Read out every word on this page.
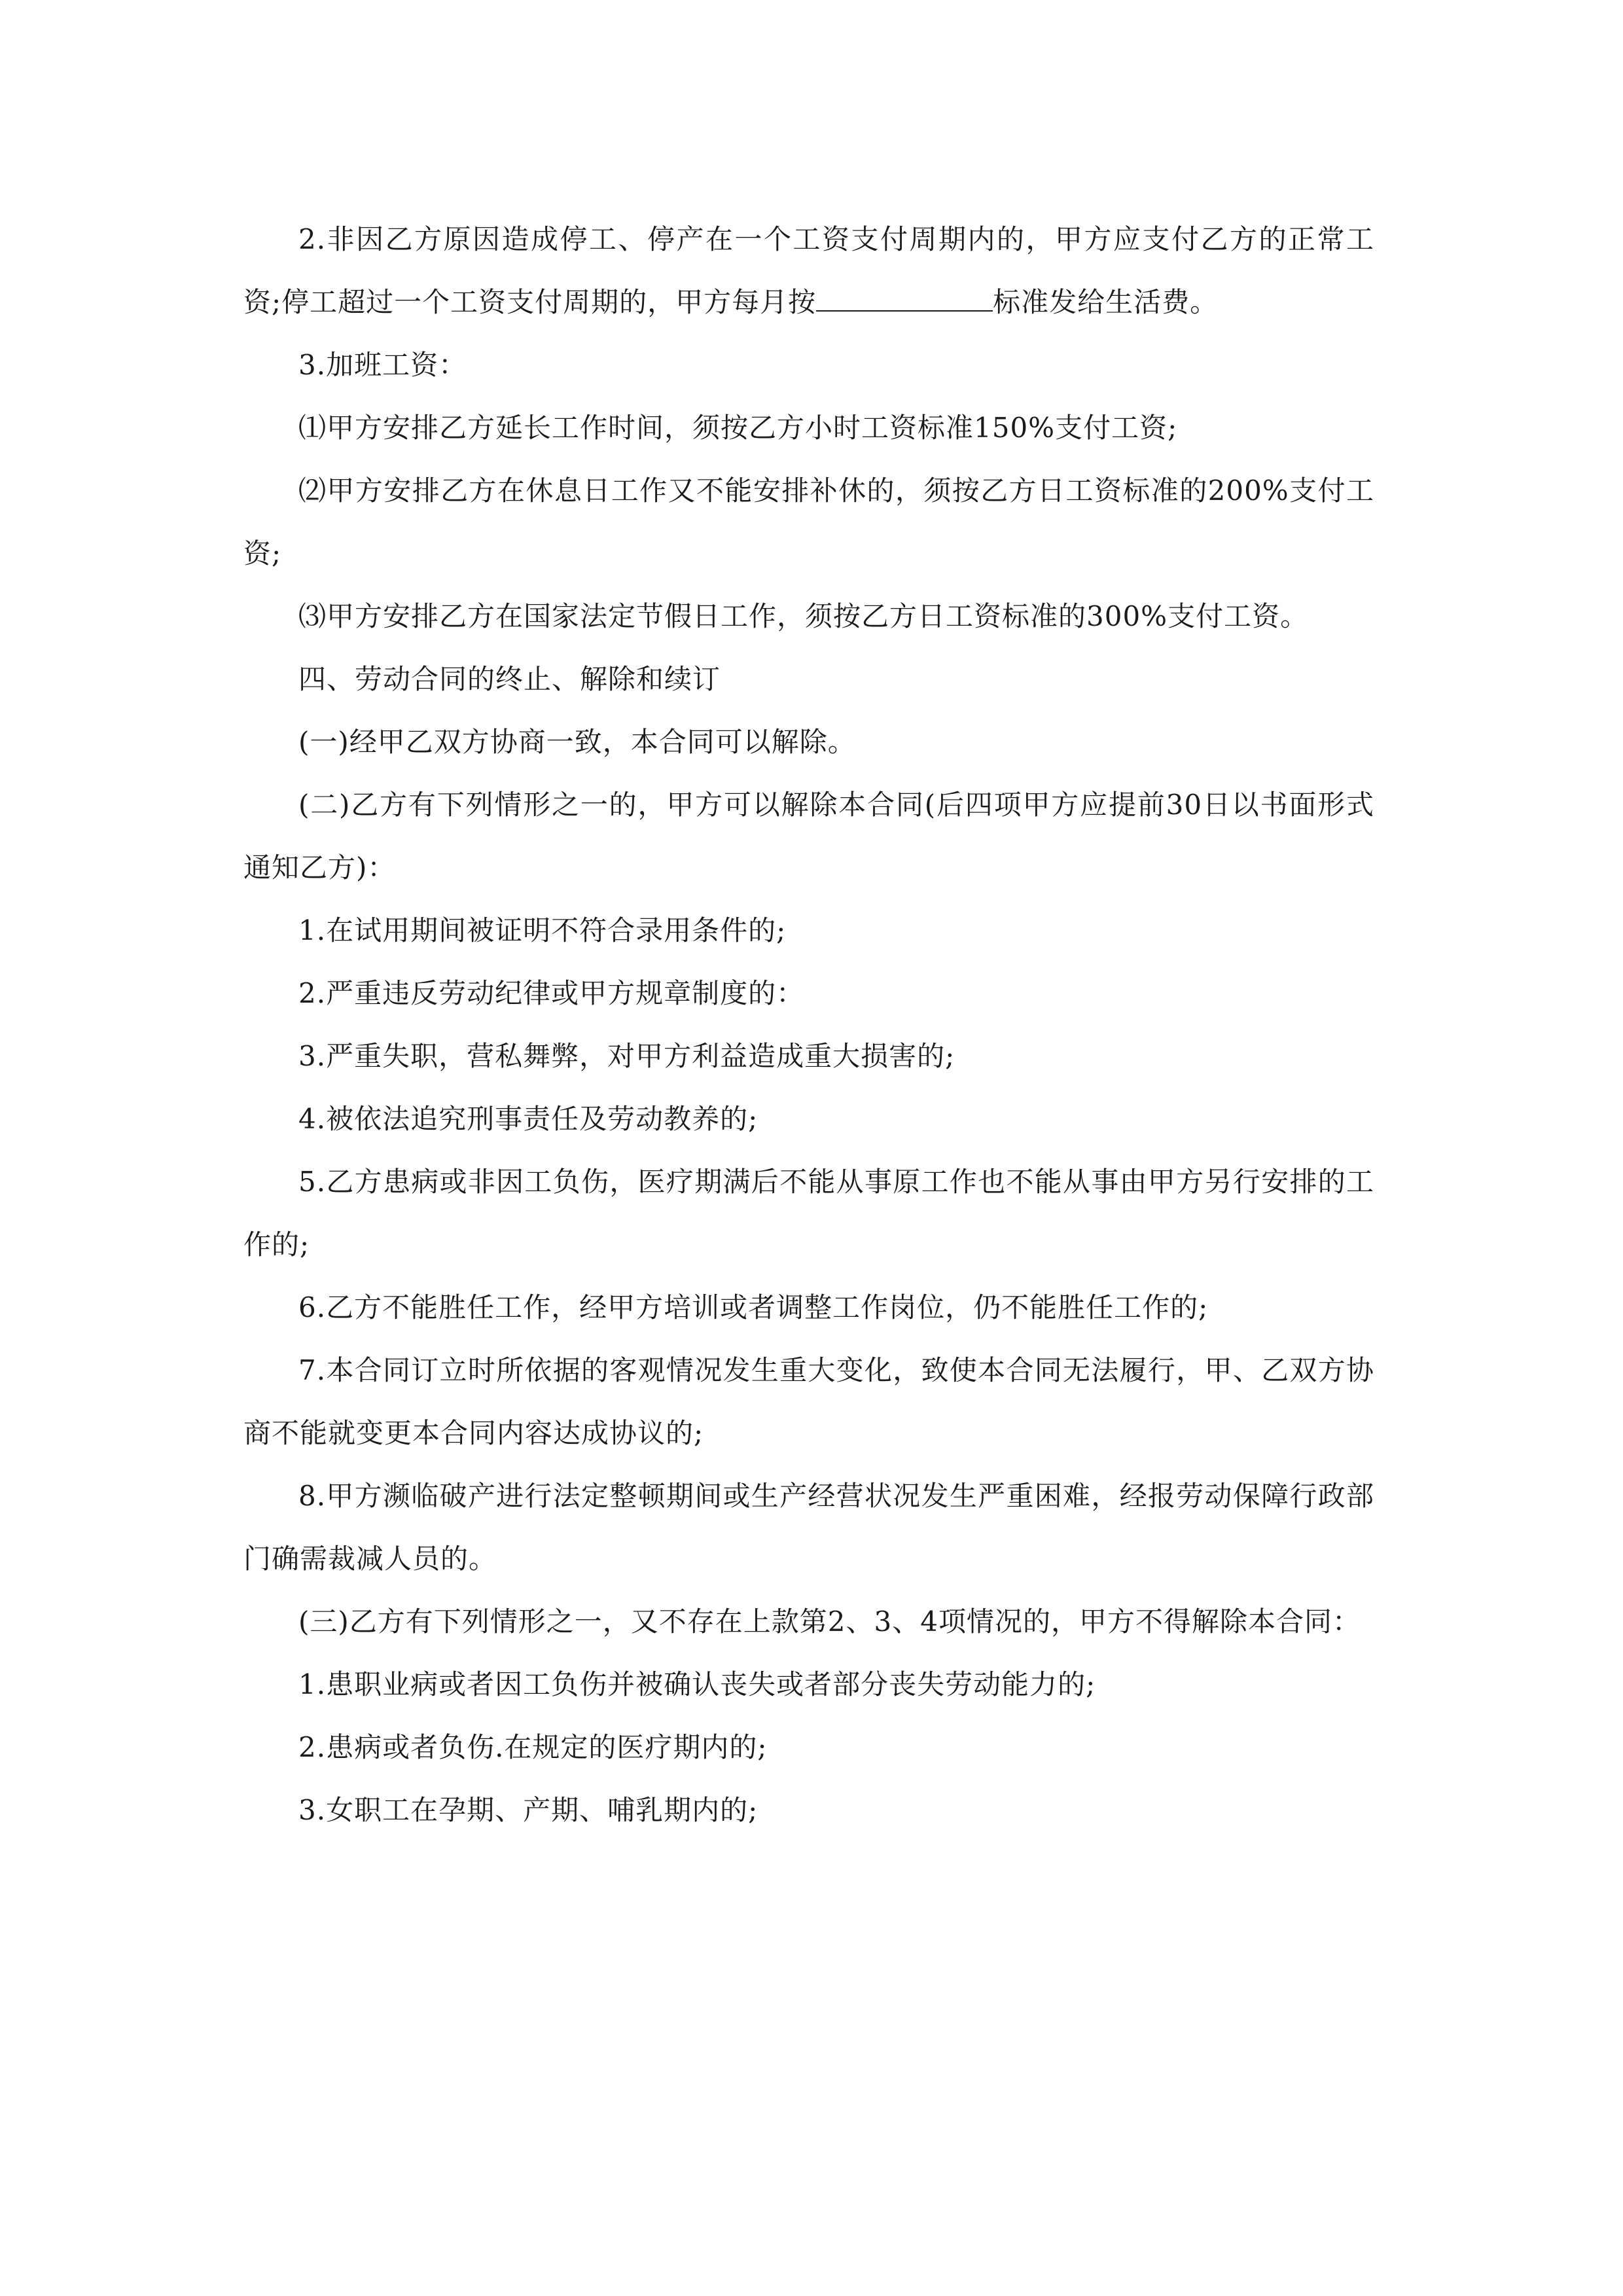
2.非因乙方原因造成停工、停产在一个工资支付周期内的，甲方应支付乙方的正常工资;停工超过一个工资支付周期的，甲方每月按	标准发给生活费。

3.加班工资：

⑴甲方安排乙方延长工作时间，须按乙方小时工资标准150%支付工资;

⑵甲方安排乙方在休息日工作又不能安排补休的，须按乙方日工资标准的200%支付工资;

⑶甲方安排乙方在国家法定节假日工作，须按乙方日工资标准的300%支付工资。

四、劳动合同的终止、解除和续订

(一)经甲乙双方协商一致，本合同可以解除。

(二)乙方有下列情形之一的，甲方可以解除本合同(后四项甲方应提前30日以书面形式通知乙方)：

1.在试用期间被证明不符合录用条件的;

2.严重违反劳动纪律或甲方规章制度的：

3.严重失职，营私舞弊，对甲方利益造成重大损害的;

4.被依法追究刑事责任及劳动教养的;

5.乙方患病或非因工负伤，医疗期满后不能从事原工作也不能从事由甲方另行安排的工作的;

6.乙方不能胜任工作，经甲方培训或者调整工作岗位，仍不能胜任工作的;

7.本合同订立时所依据的客观情况发生重大变化，致使本合同无法履行，甲、乙双方协商不能就变更本合同内容达成协议的;

8.甲方濒临破产进行法定整顿期间或生产经营状况发生严重困难，经报劳动保障行政部门确需裁减人员的。

(三)乙方有下列情形之一，又不存在上款第2、3、4项情况的，甲方不得解除本合同：

1.患职业病或者因工负伤并被确认丧失或者部分丧失劳动能力的;

2.患病或者负伤.在规定的医疗期内的;

3.女职工在孕期、产期、哺乳期内的;
